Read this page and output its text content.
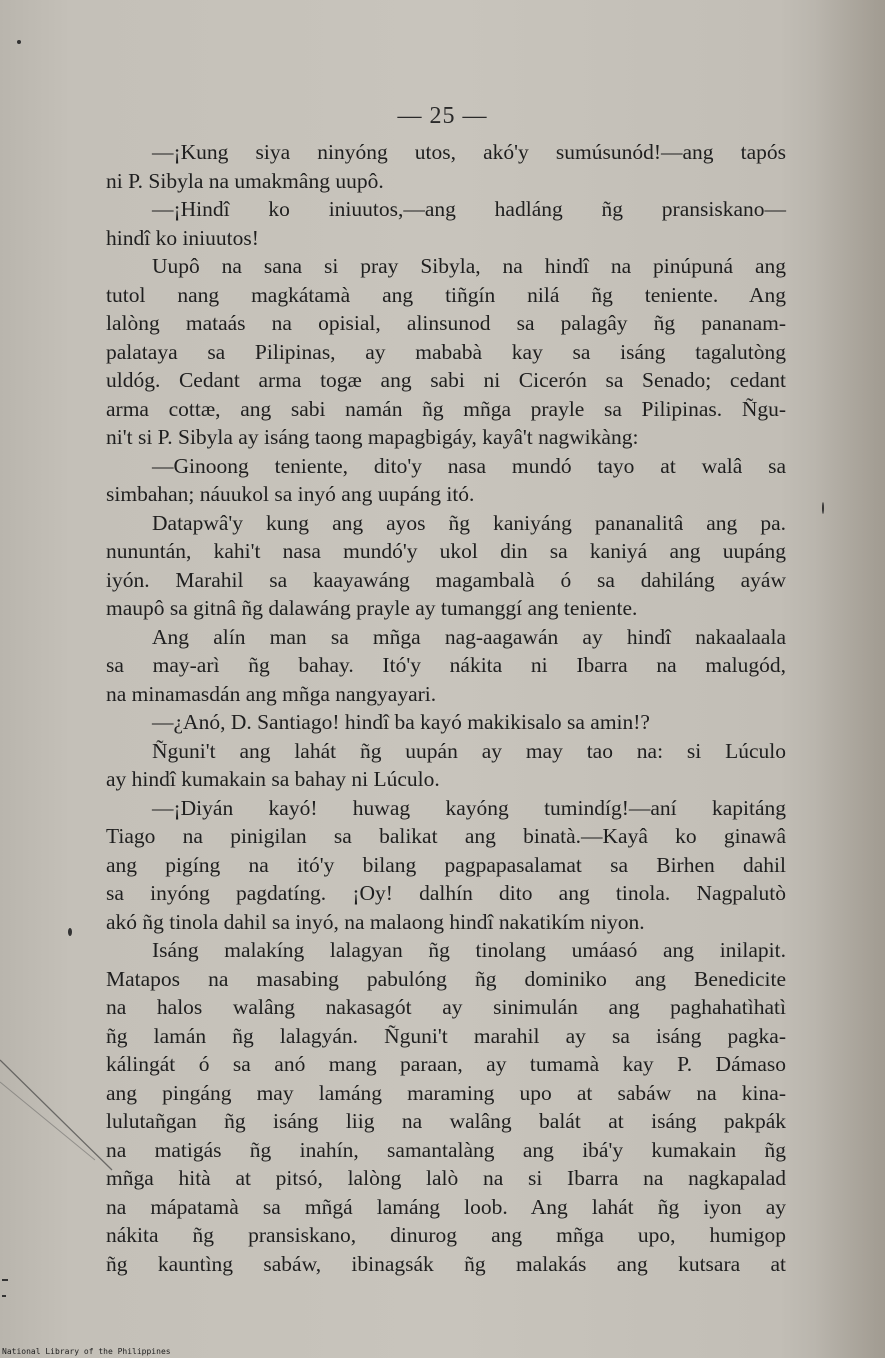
— 25 —
—¡Kung siya ninyóng utos, akó'y sumúsunód!—ang tapós
ni P. Sibyla na umakmâng uupô.
—¡Hindî ko iniuutos,—ang hadláng ñg pransiskano—
hindî ko iniuutos!
Uupô na sana si pray Sibyla, na hindî na pinúpuná ang
tutol nang magkátamà ang tiñgín nilá ñg teniente. Ang
lalòng mataás na opisial, alinsunod sa palagây ñg pananam-
palataya sa Pilipinas, ay mababà kay sa isáng tagalutòng
uldóg. Cedant arma togæ ang sabi ni Cicerón sa Senado; cedant
arma cottæ, ang sabi namán ñg mñga prayle sa Pilipinas. Ñgu-
ni't si P. Sibyla ay isáng taong mapagbigáy, kayâ't nagwikàng:
—Ginoong teniente, dito'y nasa mundó tayo at walâ sa
simbahan; náuukol sa inyó ang uupáng itó.
Datapwâ'y kung ang ayos ñg kaniyáng pananalitâ ang pa.
nununtán, kahi't nasa mundó'y ukol din sa kaniyá ang uupáng
iyón. Marahil sa kaayawáng magambalà ó sa dahiláng ayáw
maupô sa gitnâ ñg dalawáng prayle ay tumanggí ang teniente.
Ang alín man sa mñga nag-aagawán ay hindî nakaalaala
sa may-arì ñg bahay. Itó'y nákita ni Ibarra na malugód,
na minamasdán ang mñga nangyayari.
—¿Anó, D. Santiago! hindî ba kayó makikisalo sa amin!?
Ñguni't ang lahát ñg uupán ay may tao na: si Lúculo
ay hindî kumakain sa bahay ni Lúculo.
—¡Diyán kayó! huwag kayóng tumindíg!—aní kapitáng
Tiago na pinigilan sa balikat ang binatà.—Kayâ ko ginawâ
ang pigíng na itó'y bilang pagpapasalamat sa Birhen dahil
sa inyóng pagdatíng. ¡Oy! dalhín dito ang tinola. Nagpalutò
akó ñg tinola dahil sa inyó, na malaong hindî nakatikím niyon.
Isáng malakíng lalagyan ñg tinolang umáasó ang inilapit.
Matapos na masabing pabulóng ñg dominiko ang Benedicite
na halos walâng nakasagót ay sinimulán ang paghahatìhatì
ñg lamán ñg lalagyán. Ñguni't marahil ay sa isáng pagka-
kálingát ó sa anó mang paraan, ay tumamà kay P. Dámaso
ang pingáng may lamáng maraming upo at sabáw na kina-
lulutañgan ñg isáng liig na walâng balát at isáng pakpák
na matigás ñg inahín, samantalàng ang ibá'y kumakain ñg
mñga hità at pitsó, lalòng lalò na si Ibarra na nagkapalad
na mápatamà sa mñgá lamáng loob. Ang lahát ñg iyon ay
nákita ñg pransiskano, dinurog ang mñga upo, humigop
ñg kauntìng sabáw, ibinagsák ñg malakás ang kutsara at
National Library of the Philippines
